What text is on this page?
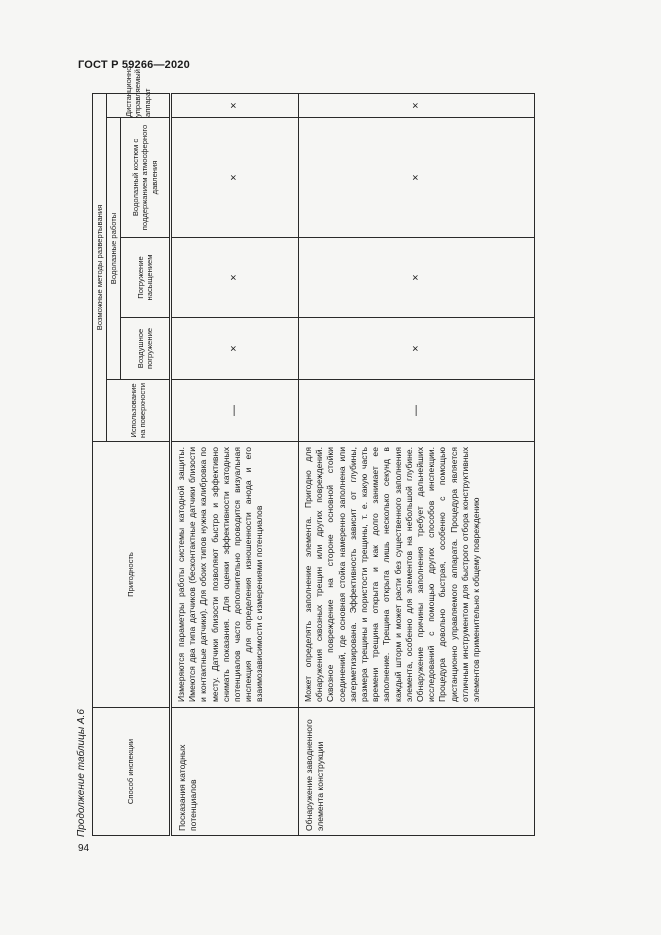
ГОСТ Р 59266—2020
Продолжение таблицы А.6	Способ инспекции	Пригодность	Возможные методы развертывания				
		Использование на поверхности	Водолазные работы			Дистанционно управляемый аппарат
			Воздушное погружение	Погружение насыщением	Водолазный костюм с поддержанием атмосферного давления	
Посказания катодных потенциалов	Измеряются параметры работы системы катодной защиты. Имеются два типа датчиков (бесконтактные датчики близости и контактные датчики). Для обоих типов нужна калибровка по месту. Датчики близости позволяют быстро и эффективно снимать показания. Для оценки эффективности катодных потенциалов часто дополнительно проводится визуальная инспекция для определения изношенности анода и его взаимозависимости с измерениями потенциалов	—	×	×	×	×
Обнаружение заводненного элемента конструкции	Может определять заполнение элемента. Пригодно для обнаружения сквозных трещин или других повреждений. Сквозное повреждение на стороне основной стойки соединений, где основная стойка намеренно заполнена или загерметизирована. Эффективность зависит от глубины, размера трещины и пористости трещины, т. е. какую часть времени трещина открыта и как долго занимает ее заполнение. Трещина открыта лишь несколько секунд в каждый шторм и может расти без существенного заполнения элемента, особенно для элементов на небольшой глубине. Обнаружение причины заполнения требует дальнейших исследований с помощью других способов инспекции. Процедура довольно быстрая, особенно с помощью дистанционно управляемого аппарата. Процедура является отличным инструментом для быстрого отбора конструктивных элементов применительно к общему повреждению	—	×	×	×	×
94
